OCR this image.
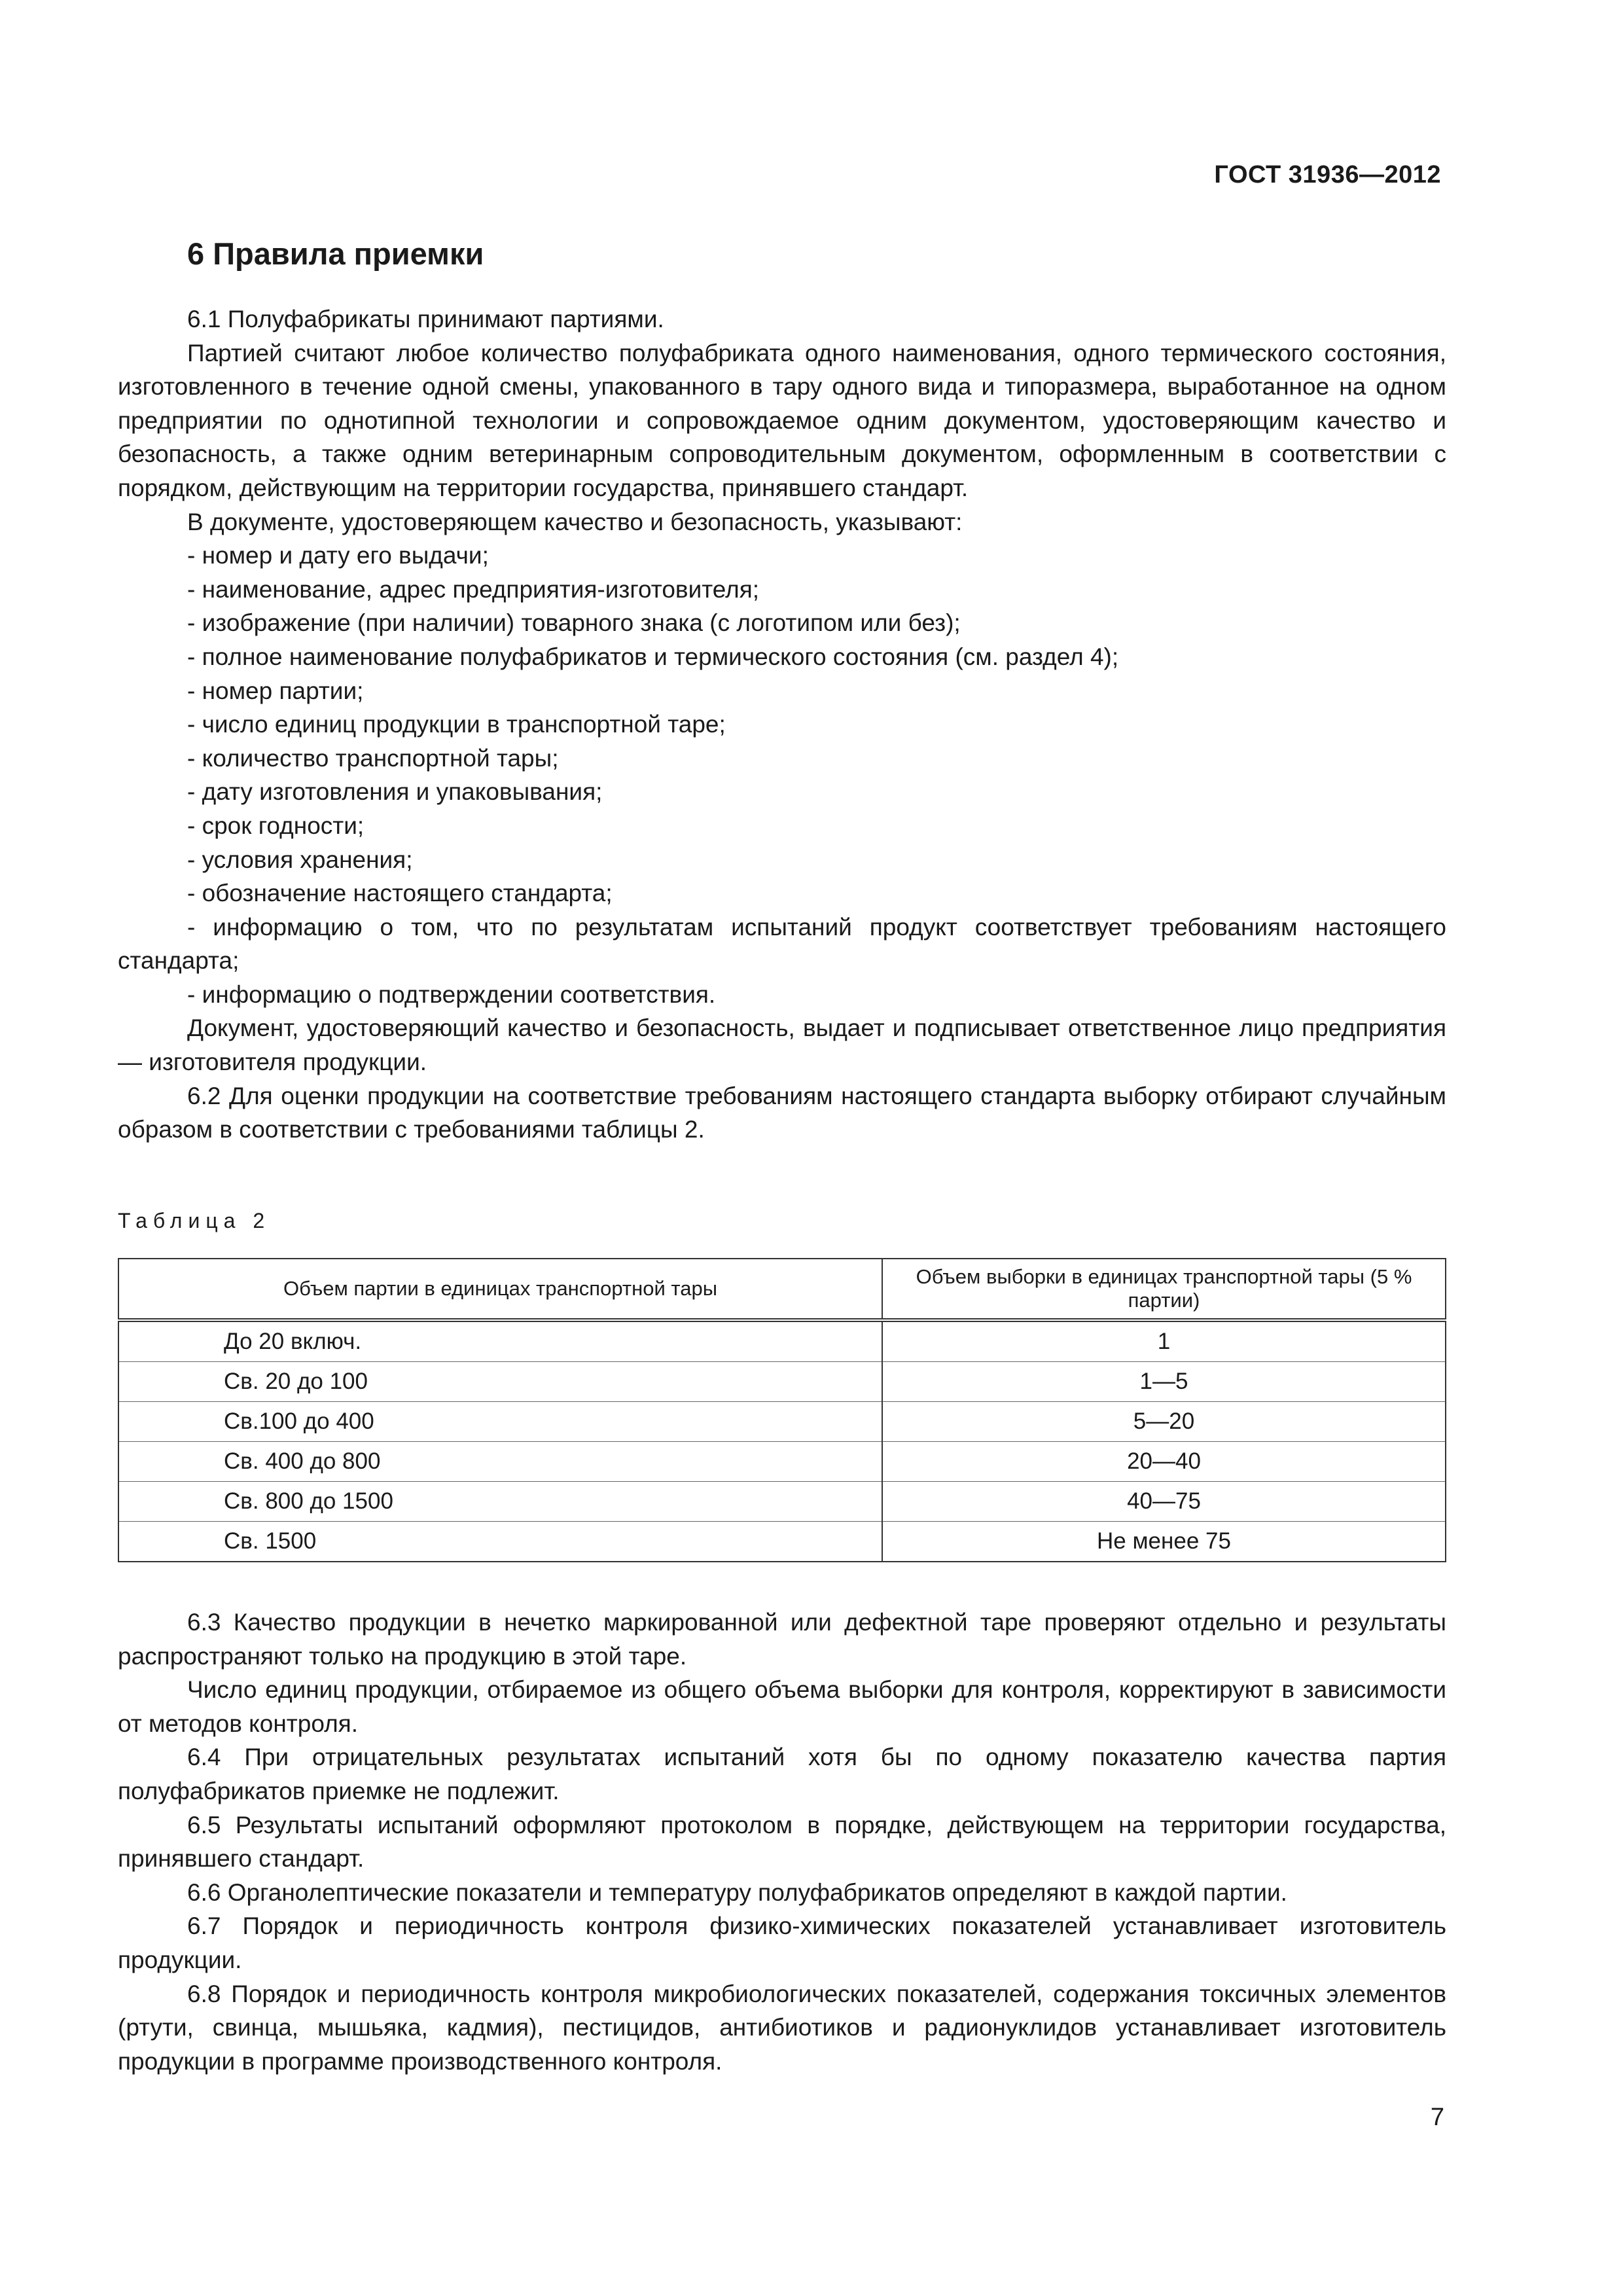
ГОСТ 31936—2012
6 Правила приемки

6.1 Полуфабрикаты принимают партиями.

Партией считают любое количество полуфабриката одного наименования, одного термического состояния, изготовленного в течение одной смены, упакованного в тару одного вида и типоразмера, выработанное на одном предприятии по однотипной технологии и сопровождаемое одним документом, удостоверяющим качество и безопасность, а также одним ветеринарным сопроводительным документом, оформленным в соответствии с порядком, действующим на территории государства, принявшего стандарт.

В документе, удостоверяющем качество и безопасность, указывают:

- номер и дату его выдачи;

- наименование, адрес предприятия-изготовителя;

- изображение (при наличии) товарного знака (с логотипом или без);

- полное наименование полуфабрикатов и термического состояния (см. раздел 4);

- номер партии;

- число единиц продукции в транспортной таре;

- количество транспортной тары;

- дату изготовления и упаковывания;

- срок годности;

- условия хранения;

- обозначение настоящего стандарта;

- информацию о том, что по результатам испытаний продукт соответствует требованиям настоящего стандарта;

- информацию о подтверждении соответствия.

Документ, удостоверяющий качество и безопасность, выдает и подписывает ответственное лицо предприятия — изготовителя продукции.

6.2 Для оценки продукции на соответствие требованиям настоящего стандарта выборку отбирают случайным образом в соответствии с требованиями таблицы 2.

Таблица 2
Объем партии в единицах транспортной тары	Объем выборки в единицах транспортной тары (5 % партии)
До 20 включ.	1
Св. 20 до 100	1—5
Св.100 до 400	5—20
Св. 400 до 800	20—40
Св. 800 до 1500	40—75
Св. 1500	Не менее 75

6.3 Качество продукции в нечетко маркированной или дефектной таре проверяют отдельно и результаты распространяют только на продукцию в этой таре.

Число единиц продукции, отбираемое из общего объема выборки для контроля, корректируют в зависимости от методов контроля.

6.4 При отрицательных результатах испытаний хотя бы по одному показателю качества партия полуфабрикатов приемке не подлежит.

6.5 Результаты испытаний оформляют протоколом в порядке, действующем на территории государства, принявшего стандарт.

6.6 Органолептические показатели и температуру полуфабрикатов определяют в каждой партии.

6.7 Порядок и периодичность контроля физико-химических показателей устанавливает изготовитель продукции.

6.8 Порядок и периодичность контроля микробиологических показателей, содержания токсичных элементов (ртути, свинца, мышьяка, кадмия), пестицидов, антибиотиков и радионуклидов устанавливает изготовитель продукции в программе производственного контроля.

7
